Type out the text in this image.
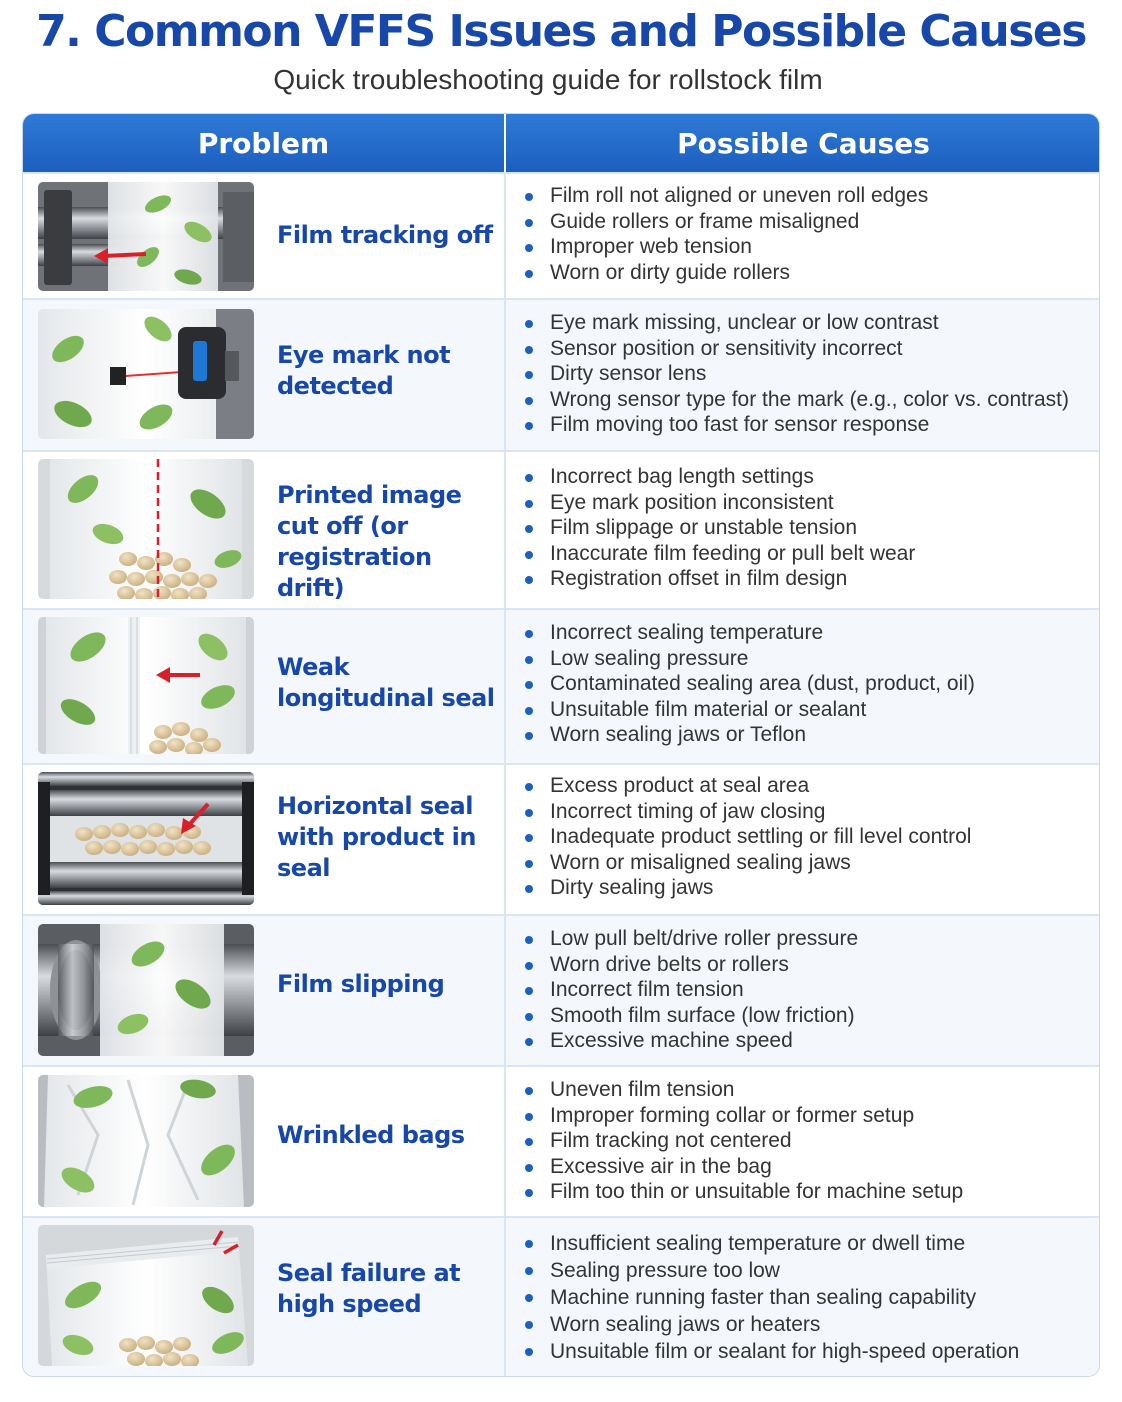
7. Common VFFS Issues and Possible Causes
Quick troubleshooting guide for rollstock film
Problem	Possible Causes
Film tracking off
Film roll not aligned or uneven roll edges
Guide rollers or frame misaligned
Improper web tension
Worn or dirty guide rollers
Eye mark not detected
Eye mark missing, unclear or low contrast
Sensor position or sensitivity incorrect
Dirty sensor lens
Wrong sensor type for the mark (e.g., color vs. contrast)
Film moving too fast for sensor response
Printed image cut off (or registration drift)
Incorrect bag length settings
Eye mark position inconsistent
Film slippage or unstable tension
Inaccurate film feeding or pull belt wear
Registration offset in film design
Weak longitudinal seal
Incorrect sealing temperature
Low sealing pressure
Contaminated sealing area (dust, product, oil)
Unsuitable film material or sealant
Worn sealing jaws or Teflon
Horizontal seal with product in seal
Excess product at seal area
Incorrect timing of jaw closing
Inadequate product settling or fill level control
Worn or misaligned sealing jaws
Dirty sealing jaws
Film slipping
Low pull belt/drive roller pressure
Worn drive belts or rollers
Incorrect film tension
Smooth film surface (low friction)
Excessive machine speed
Wrinkled bags
Uneven film tension
Improper forming collar or former setup
Film tracking not centered
Excessive air in the bag
Film too thin or unsuitable for machine setup
Seal failure at high speed
Insufficient sealing temperature or dwell time
Sealing pressure too low
Machine running faster than sealing capability
Worn sealing jaws or heaters
Unsuitable film or sealant for high-speed operation
